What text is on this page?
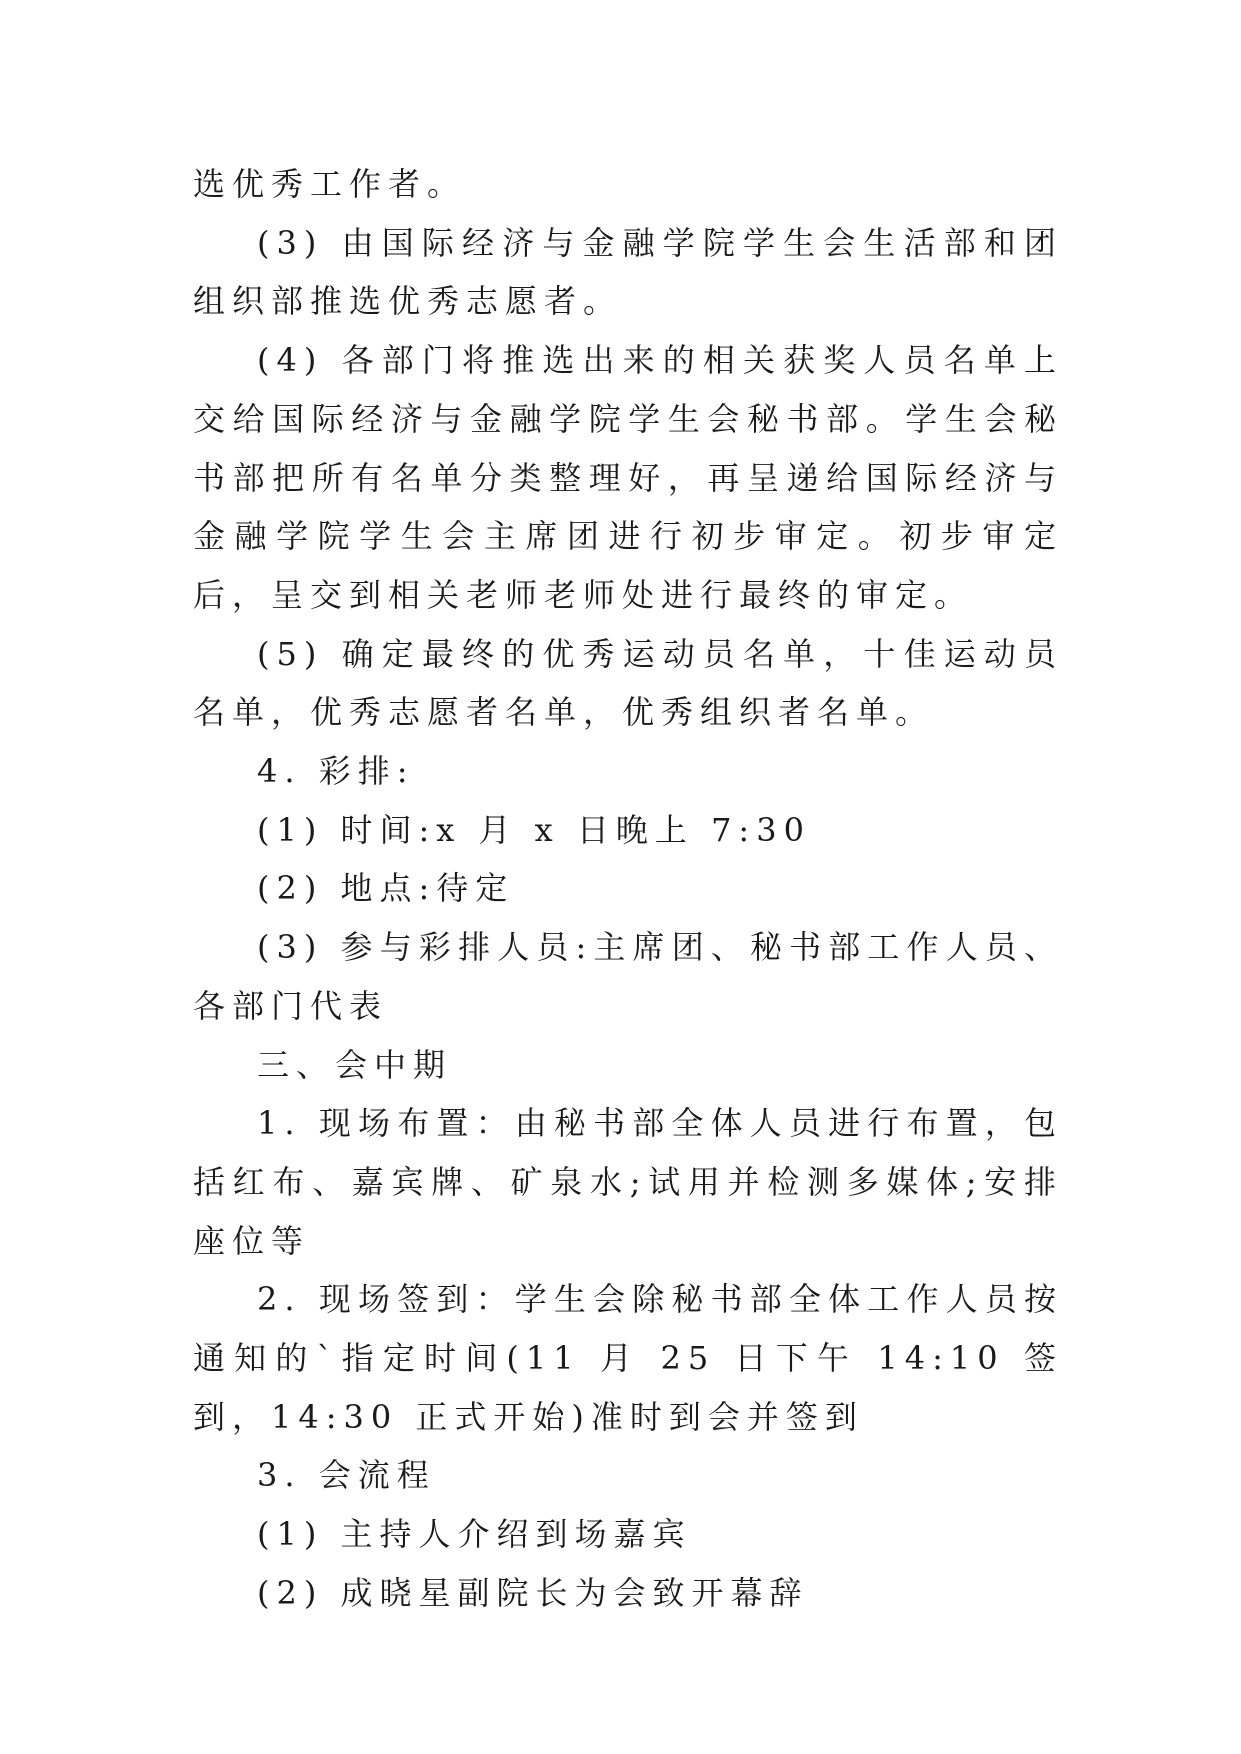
选优秀工作者。

(3) 由国际经济与金融学院学生会生活部和团组织部推选优秀志愿者。

(4) 各部门将推选出来的相关获奖人员名单上交给国际经济与金融学院学生会秘书部。学生会秘书部把所有名单分类整理好，再呈递给国际经济与金融学院学生会主席团进行初步审定。初步审定后，呈交到相关老师老师处进行最终的审定。

(5) 确定最终的优秀运动员名单，十佳运动员名单，优秀志愿者名单，优秀组织者名单。

4. 彩排:

(1) 时间:x 月 x 日晚上 7:30

(2) 地点:待定

(3) 参与彩排人员:主席团、秘书部工作人员、各部门代表

三、会中期

1. 现场布置：由秘书部全体人员进行布置，包括红布、嘉宾牌、矿泉水;试用并检测多媒体;安排座位等

2. 现场签到：学生会除秘书部全体工作人员按通知的`指定时间(11 月 25 日下午 14:10 签到，14:30 正式开始)准时到会并签到

3. 会流程

(1) 主持人介绍到场嘉宾

(2) 成晓星副院长为会致开幕辞
